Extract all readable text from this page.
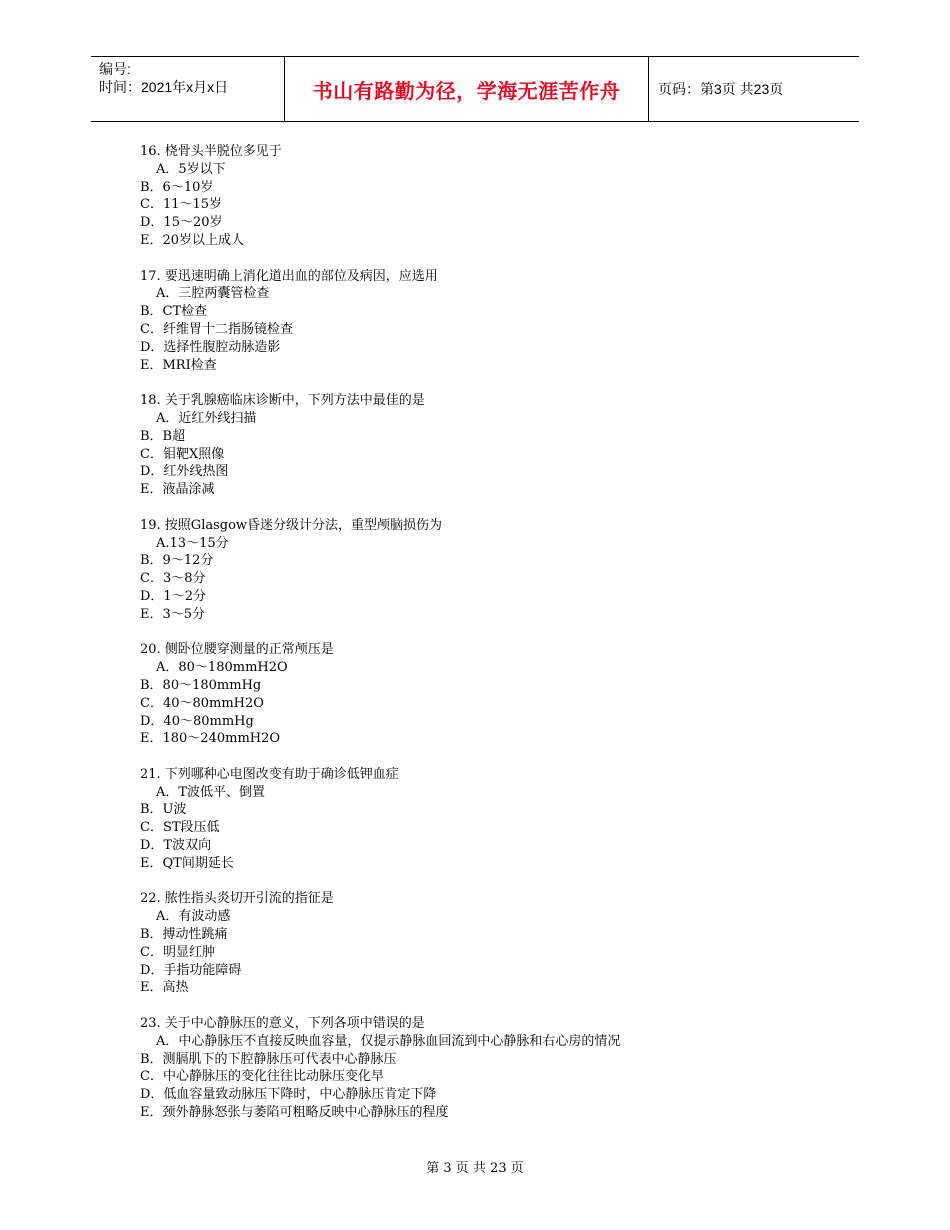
编号:
时间：2021年x月x日	书山有路勤为径，学海无涯苦作舟	页码：第3页 共23页
16. 桡骨头半脱位多见于
A．5岁以下
B．6～10岁
C．11～15岁
D．15～20岁
E．20岁以上成人
17. 要迅速明确上消化道出血的部位及病因，应选用
A．三腔两囊管检查
B．CT检查
C．纤维胃十二指肠镜检查
D．选择性腹腔动脉造影
E．MRI检查
18. 关于乳腺癌临床诊断中，下列方法中最佳的是
A．近红外线扫描
B．B超
C．钼靶X照像
D．红外线热图
E．液晶涂减
19. 按照Glasgow昏迷分级计分法，重型颅脑损伤为
A.13～15分
B．9～12分
C．3～8分
D．1～2分
E．3～5分
20. 侧卧位腰穿测量的正常颅压是
A．80～180mmH2O
B．80～180mmHg
C．40～80mmH2O
D．40～80mmHg
E．180～240mmH2O
21. 下列哪种心电图改变有助于确诊低钾血症
A．T波低平、倒置
B．U波
C．ST段压低
D．T波双向
E．QT间期延长
22. 脓性指头炎切开引流的指征是
A．有波动感
B．搏动性跳痛
C．明显红肿
D．手指功能障碍
E．高热
23. 关于中心静脉压的意义，下列各项中错误的是
A．中心静脉压不直接反映血容量，仅提示静脉血回流到中心静脉和右心房的情况
B．测膈肌下的下腔静脉压可代表中心静脉压
C．中心静脉压的变化往往比动脉压变化早
D．低血容量致动脉压下降时，中心静脉压肯定下降
E．颈外静脉怒张与萎陷可粗略反映中心静脉压的程度
第 3 页 共 23 页
